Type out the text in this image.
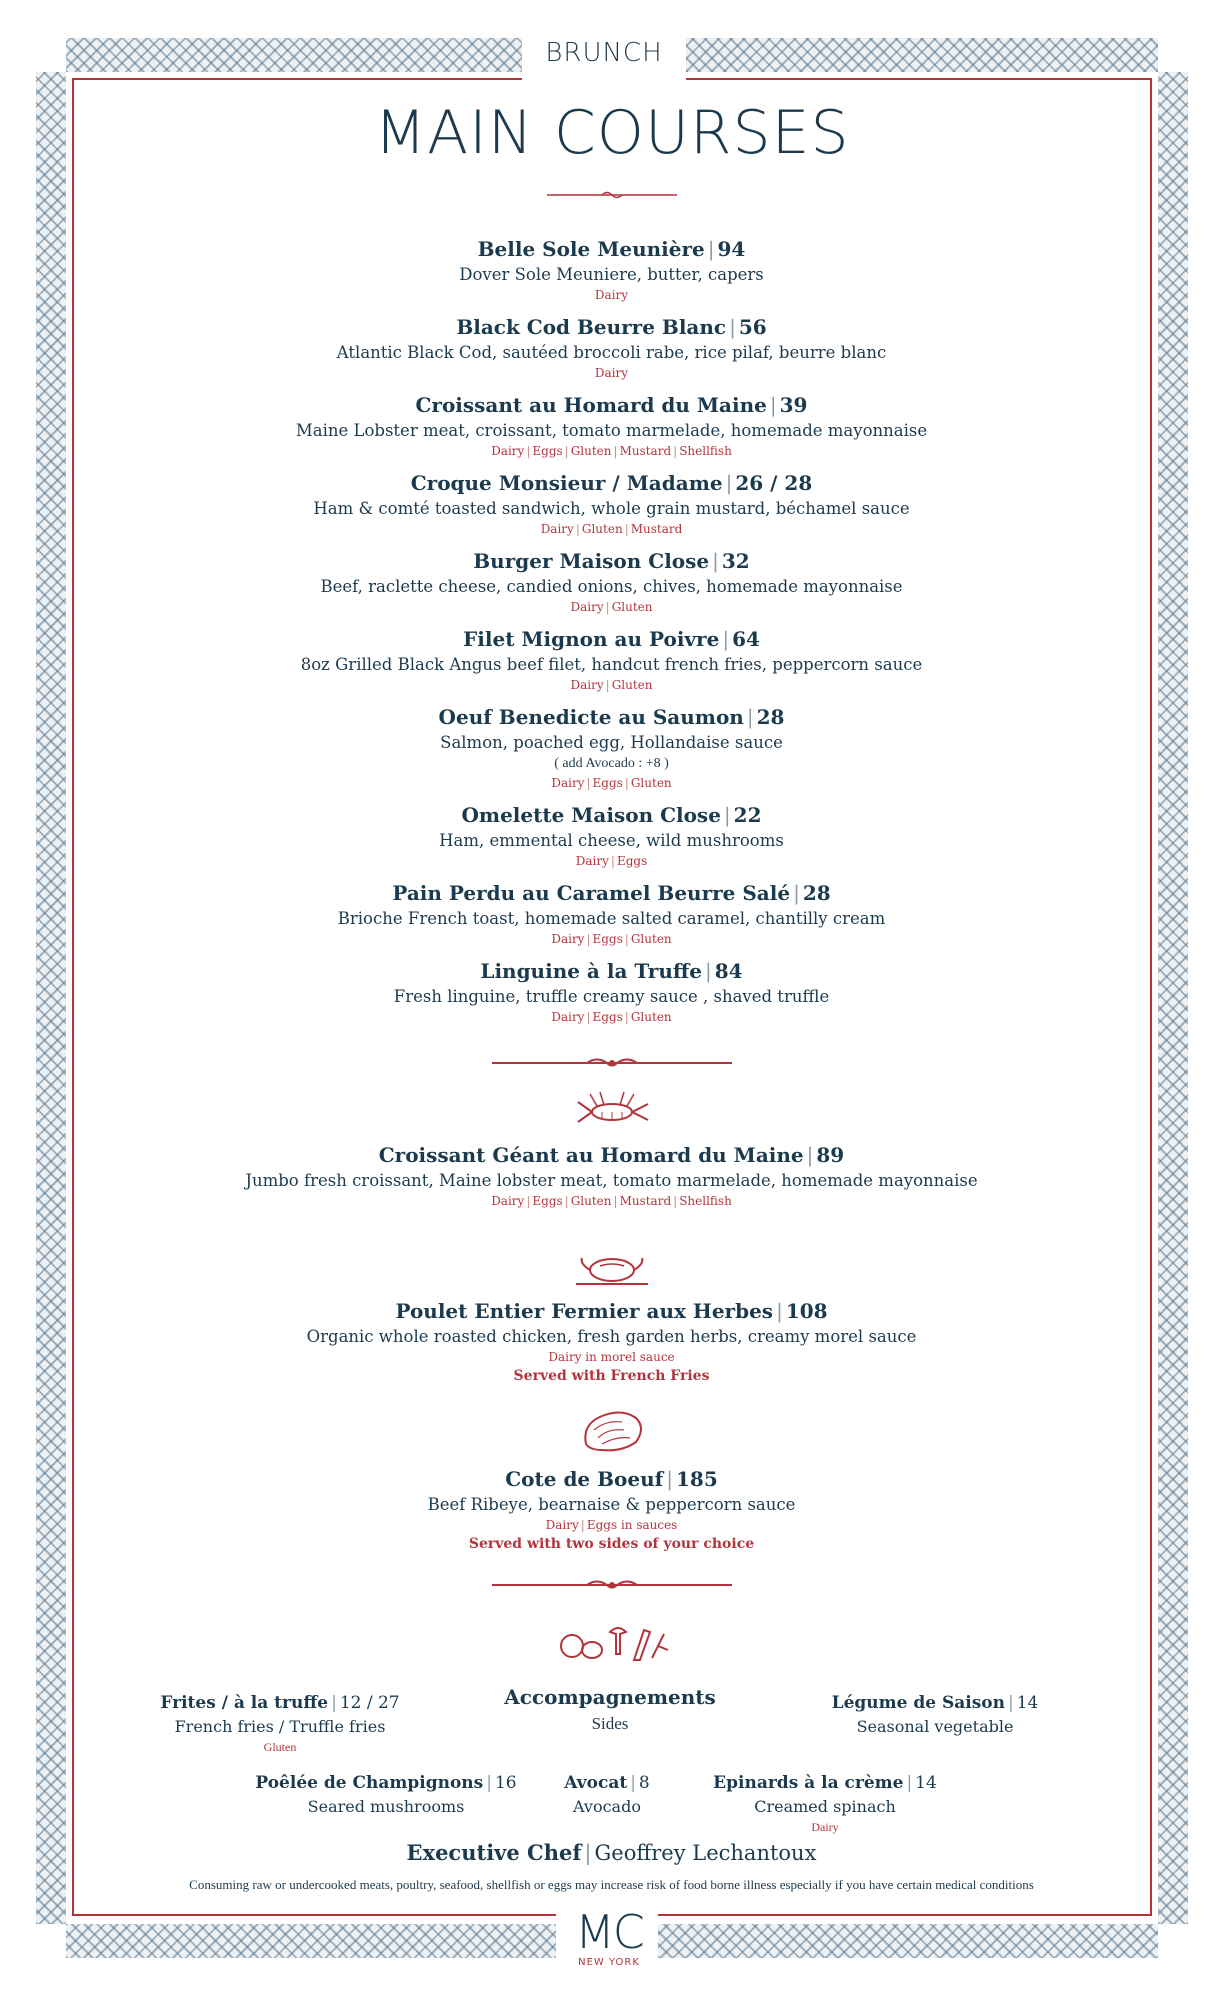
BRUNCH
MAIN COURSES
Belle Sole Meunière | 94
Dover Sole Meuniere, butter, capers
Dairy
Black Cod Beurre Blanc | 56
Atlantic Black Cod, sautéed broccoli rabe, rice pilaf, beurre blanc
Dairy
Croissant au Homard du Maine | 39
Maine Lobster meat, croissant, tomato marmelade, homemade mayonnaise
Dairy | Eggs | Gluten | Mustard | Shellfish
Croque Monsieur / Madame | 26 / 28
Ham & comté toasted sandwich, whole grain mustard, béchamel sauce
Dairy | Gluten | Mustard
Burger Maison Close | 32
Beef, raclette cheese, candied onions, chives, homemade mayonnaise
Dairy | Gluten
Filet Mignon au Poivre | 64
8oz Grilled Black Angus beef filet, handcut french fries, peppercorn sauce
Dairy | Gluten
Oeuf Benedicte au Saumon | 28
Salmon, poached egg, Hollandaise sauce
( add Avocado : +8 )
Dairy | Eggs | Gluten
Omelette Maison Close | 22
Ham, emmental cheese, wild mushrooms
Dairy | Eggs
Pain Perdu au Caramel Beurre Salé | 28
Brioche French toast, homemade salted caramel, chantilly cream
Dairy | Eggs | Gluten
Linguine à la Truffe | 84
Fresh linguine, truffle creamy sauce , shaved truffle
Dairy | Eggs | Gluten
Croissant Géant au Homard du Maine | 89
Jumbo fresh croissant, Maine lobster meat, tomato marmelade, homemade mayonnaise
Dairy | Eggs | Gluten | Mustard | Shellfish
Poulet Entier Fermier aux Herbes | 108
Organic whole roasted chicken, fresh garden herbs, creamy morel sauce
Dairy in morel sauce
Served with French Fries
Cote de Boeuf | 185
Beef Ribeye, bearnaise & peppercorn sauce
Dairy | Eggs in sauces
Served with two sides of your choice
Accompagnements
Sides
Frites / à la truffe | 12 / 27
French fries / Truffle fries
Gluten
Légume de Saison | 14
Seasonal vegetable
Poêlée de Champignons | 16
Seared mushrooms
Avocat | 8
Avocado
Epinards à la crème | 14
Creamed spinach
Dairy
Executive Chef | Geoffrey Lechantoux
Consuming raw or undercooked meats, poultry, seafood, shellfish or eggs may increase risk of food borne illness especially if you have certain medical conditions
MC
NEW YORK
